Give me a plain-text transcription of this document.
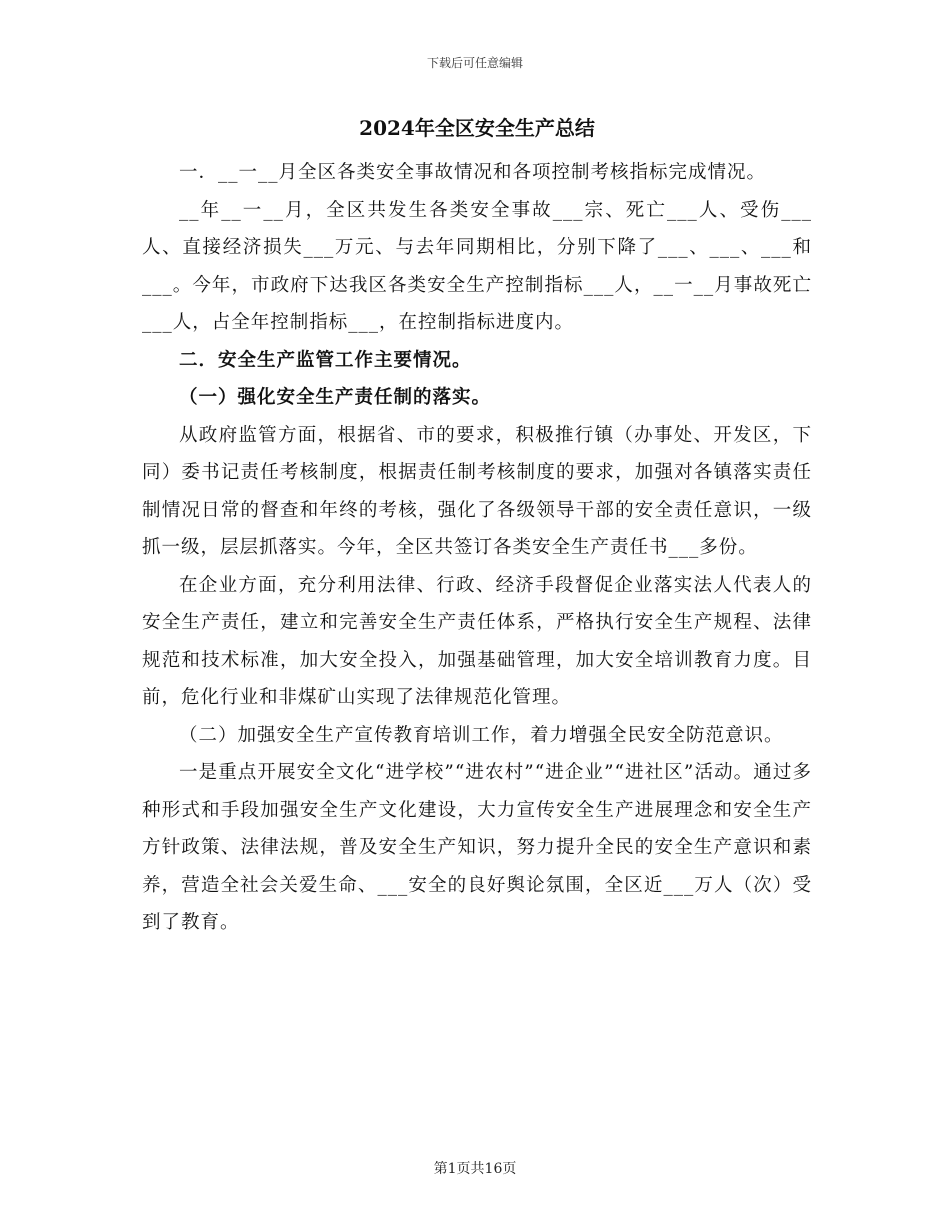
下载后可任意编辑
2024年全区安全生产总结

一．__一__月全区各类安全事故情况和各项控制考核指标完成情况。

__年__一__月，全区共发生各类安全事故___宗、死亡___人、受伤___人、直接经济损失___万元、与去年同期相比，分别下降了___、___、___和___。今年，市政府下达我区各类安全生产控制指标___人，__一__月事故死亡___人，占全年控制指标___，在控制指标进度内。

二．安全生产监管工作主要情况。

（一）强化安全生产责任制的落实。

从政府监管方面，根据省、市的要求，积极推行镇（办事处、开发区，下同）委书记责任考核制度，根据责任制考核制度的要求，加强对各镇落实责任制情况日常的督查和年终的考核，强化了各级领导干部的安全责任意识，一级抓一级，层层抓落实。今年，全区共签订各类安全生产责任书___多份。

在企业方面，充分利用法律、行政、经济手段督促企业落实法人代表人的安全生产责任，建立和完善安全生产责任体系，严格执行安全生产规程、法律规范和技术标准，加大安全投入，加强基础管理，加大安全培训教育力度。目前，危化行业和非煤矿山实现了法律规范化管理。

（二）加强安全生产宣传教育培训工作，着力增强全民安全防范意识。

一是重点开展安全文化“进学校”“进农村”“进企业”“进社区”活动。通过多种形式和手段加强安全生产文化建设，大力宣传安全生产进展理念和安全生产方针政策、法律法规，普及安全生产知识，努力提升全民的安全生产意识和素养，营造全社会关爱生命、___安全的良好舆论氛围，全区近___万人（次）受到了教育。

第1页共16页
